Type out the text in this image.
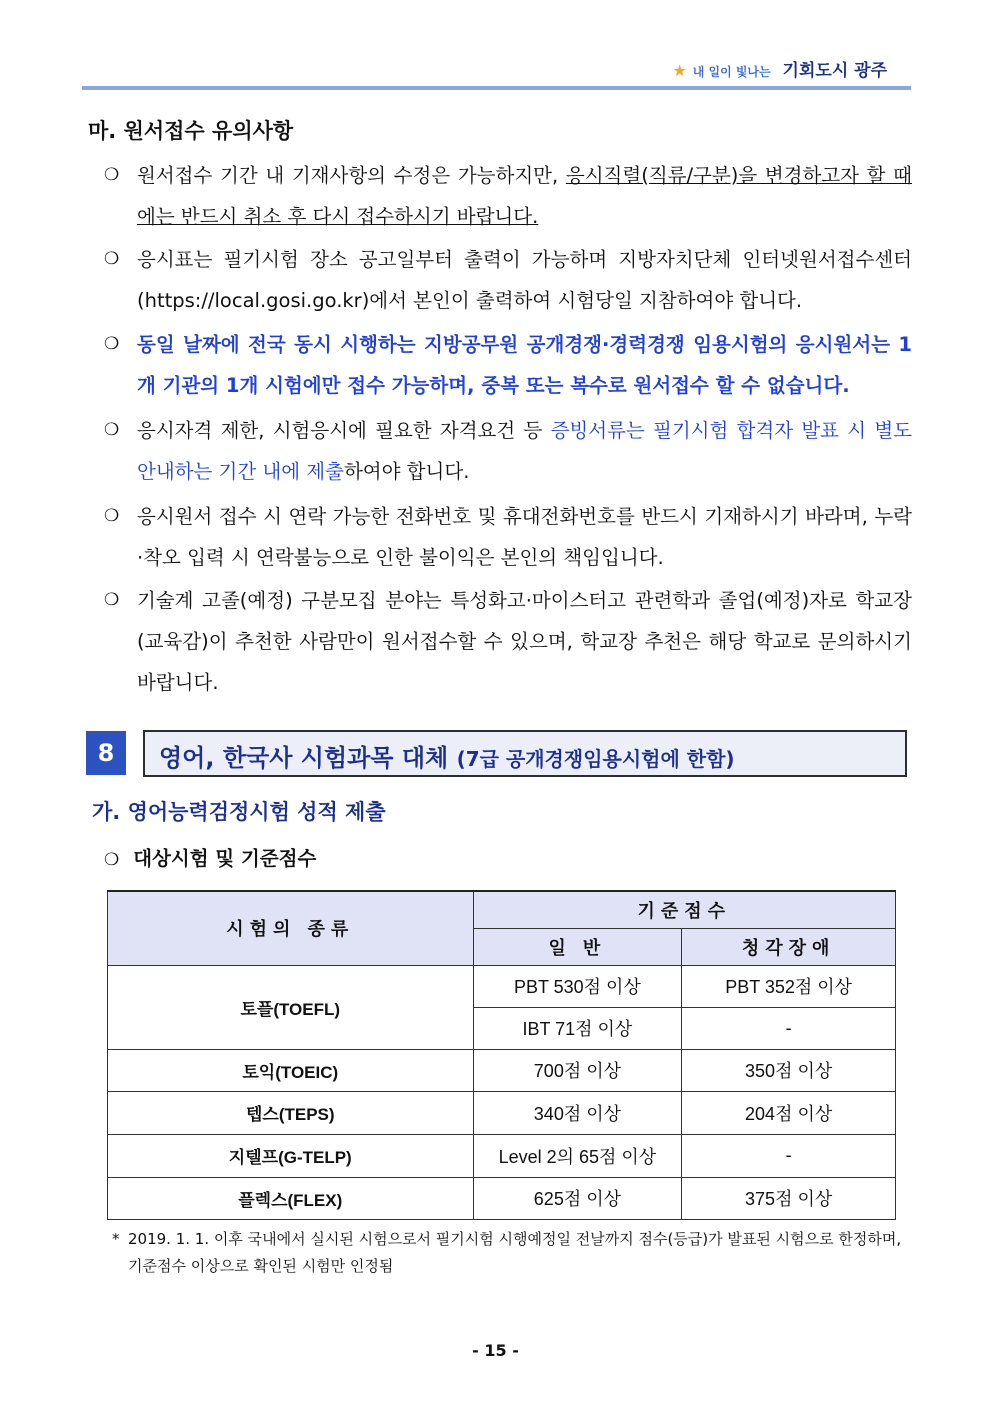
★ 내 일이 빛나는 기회도시 광주
마. 원서접수 유의사항
❍ 원서접수 기간 내 기재사항의 수정은 가능하지만, 응시직렬(직류/구분)을 변경하고자 할 때에는 반드시 취소 후 다시 접수하시기 바랍니다.
❍ 응시표는 필기시험 장소 공고일부터 출력이 가능하며 지방자치단체 인터넷원서접수센터(https://local.gosi.go.kr)에서 본인이 출력하여 시험당일 지참하여야 합니다.
❍ 동일 날짜에 전국 동시 시행하는 지방공무원 공개경쟁·경력경쟁 임용시험의 응시원서는 1개 기관의 1개 시험에만 접수 가능하며, 중복 또는 복수로 원서접수 할 수 없습니다.
❍ 응시자격 제한, 시험응시에 필요한 자격요건 등 증빙서류는 필기시험 합격자 발표 시 별도 안내하는 기간 내에 제출하여야 합니다.
❍ 응시원서 접수 시 연락 가능한 전화번호 및 휴대전화번호를 반드시 기재하시기 바라며, 누락·착오 입력 시 연락불능으로 인한 불이익은 본인의 책임입니다.
❍ 기술계 고졸(예정) 구분모집 분야는 특성화고·마이스터고 관련학과 졸업(예정)자로 학교장(교육감)이 추천한 사람만이 원서접수할 수 있으며, 학교장 추천은 해당 학교로 문의하시기 바랍니다.
8	영어, 한국사 시험과목 대체 (7급 공개경쟁임용시험에 한함)
가. 영어능력검정시험 성적 제출
❍ 대상시험 및 기준점수
시험의 종류	기준점수	
	일 반	청각장애
토플(TOEFL)	PBT 530점 이상	PBT 352점 이상
	IBT 71점 이상	-
토익(TOEIC)	700점 이상	350점 이상
텝스(TEPS)	340점 이상	204점 이상
지텔프(G-TELP)	Level 2의 65점 이상	-
플렉스(FLEX)	625점 이상	375점 이상
* 2019. 1. 1. 이후 국내에서 실시된 시험으로서 필기시험 시행예정일 전날까지 점수(등급)가 발표된 시험으로 한정하며, 기준점수 이상으로 확인된 시험만 인정됨
- 15 -
